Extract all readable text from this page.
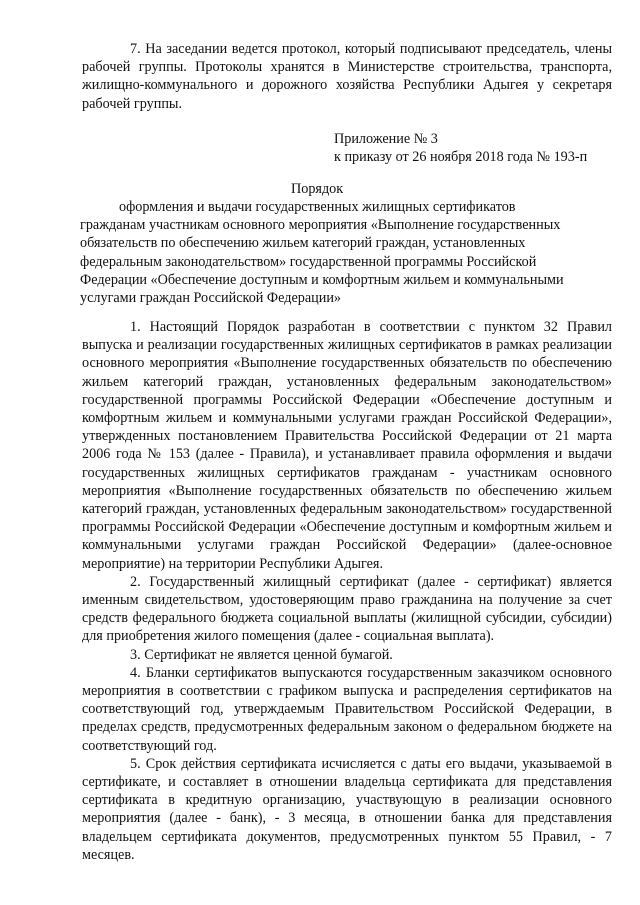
7. На заседании ведется протокол, который подписывают председатель, члены рабочей группы. Протоколы хранятся в Министерстве строительства, транспорта, жилищно-коммунального и дорожного хозяйства Республики Адыгея у секретаря рабочей группы.

Приложение № 3
к приказу от 26 ноября 2018 года № 193-п
Порядок

оформления и выдачи государственных жилищных сертификатов
гражданам участникам основного мероприятия «Выполнение государственных
обязательств по обеспечению жильем категорий граждан, установленных
федеральным законодательством» государственной программы Российской
Федерации «Обеспечение доступным и комфортным жильем и коммунальными
услугами граждан Российской Федерации»

1. Настоящий Порядок разработан в соответствии с пунктом 32 Правил выпуска и реализации государственных жилищных сертификатов в рамках реализации основного мероприятия «Выполнение государственных обязательств по обеспечению жильем категорий граждан, установленных федеральным законодательством» государственной программы Российской Федерации «Обеспечение доступным и комфортным жильем и коммунальными услугами граждан Российской Федерации», утвержденных постановлением Правительства Российской Федерации от 21 марта 2006 года № 153 (далее - Правила), и устанавливает правила оформления и выдачи государственных жилищных сертификатов гражданам - участникам основного мероприятия «Выполнение государственных обязательств по обеспечению жильем категорий граждан, установленных федеральным законодательством» государственной программы Российской Федерации «Обеспечение доступным и комфортным жильем и коммунальными услугами граждан Российской Федерации» (далее-основное мероприятие) на территории Республики Адыгея.

2. Государственный жилищный сертификат (далее - сертификат) является именным свидетельством, удостоверяющим право гражданина на получение за счет средств федерального бюджета социальной выплаты (жилищной субсидии, субсидии) для приобретения жилого помещения (далее - социальная выплата).

3. Сертификат не является ценной бумагой.

4. Бланки сертификатов выпускаются государственным заказчиком основного мероприятия в соответствии с графиком выпуска и распределения сертификатов на соответствующий год, утверждаемым Правительством Российской Федерации, в пределах средств, предусмотренных федеральным законом о федеральном бюджете на соответствующий год.

5. Срок действия сертификата исчисляется с даты его выдачи, указываемой в сертификате, и составляет в отношении владельца сертификата для представления сертификата в кредитную организацию, участвующую в реализации основного мероприятия (далее - банк), - 3 месяца, в отношении банка для представления владельцем сертификата документов, предусмотренных пунктом 55 Правил, - 7 месяцев.
